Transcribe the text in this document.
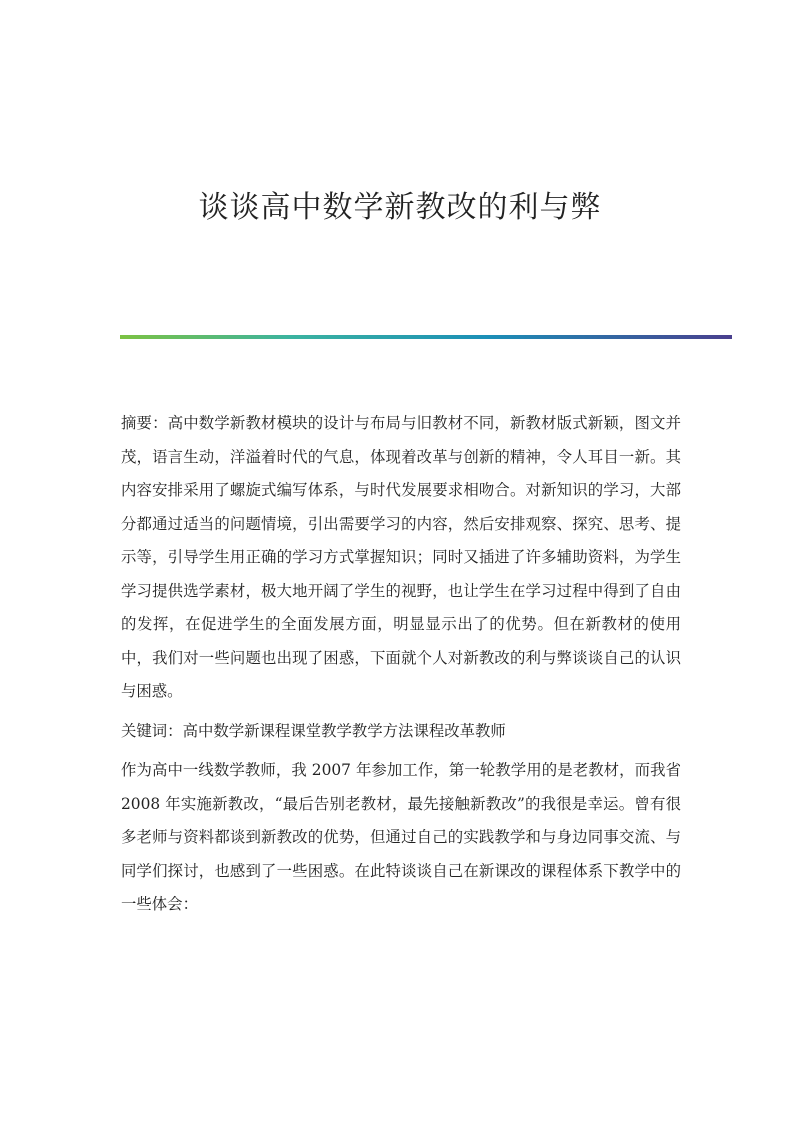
谈谈高中数学新教改的利与弊

摘要：高中数学新教材模块的设计与布局与旧教材不同，新教材版式新颖，图文并茂，语言生动，洋溢着时代的气息，体现着改革与创新的精神，令人耳目一新。其内容安排采用了螺旋式编写体系，与时代发展要求相吻合。对新知识的学习，大部分都通过适当的问题情境，引出需要学习的内容，然后安排观察、探究、思考、提示等，引导学生用正确的学习方式掌握知识；同时又插进了许多辅助资料，为学生学习提供选学素材，极大地开阔了学生的视野，也让学生在学习过程中得到了自由的发挥，在促进学生的全面发展方面，明显显示出了的优势。但在新教材的使用中，我们对一些问题也出现了困惑，下面就个人对新教改的利与弊谈谈自己的认识与困惑。

关键词：高中数学新课程课堂教学教学方法课程改革教师

作为高中一线数学教师，我 2007 年参加工作，第一轮教学用的是老教材，而我省 2008 年实施新教改，“最后告别老教材，最先接触新教改”的我很是幸运。曾有很多老师与资料都谈到新教改的优势，但通过自己的实践教学和与身边同事交流、与同学们探讨，也感到了一些困惑。在此特谈谈自己在新课改的课程体系下教学中的一些体会：
